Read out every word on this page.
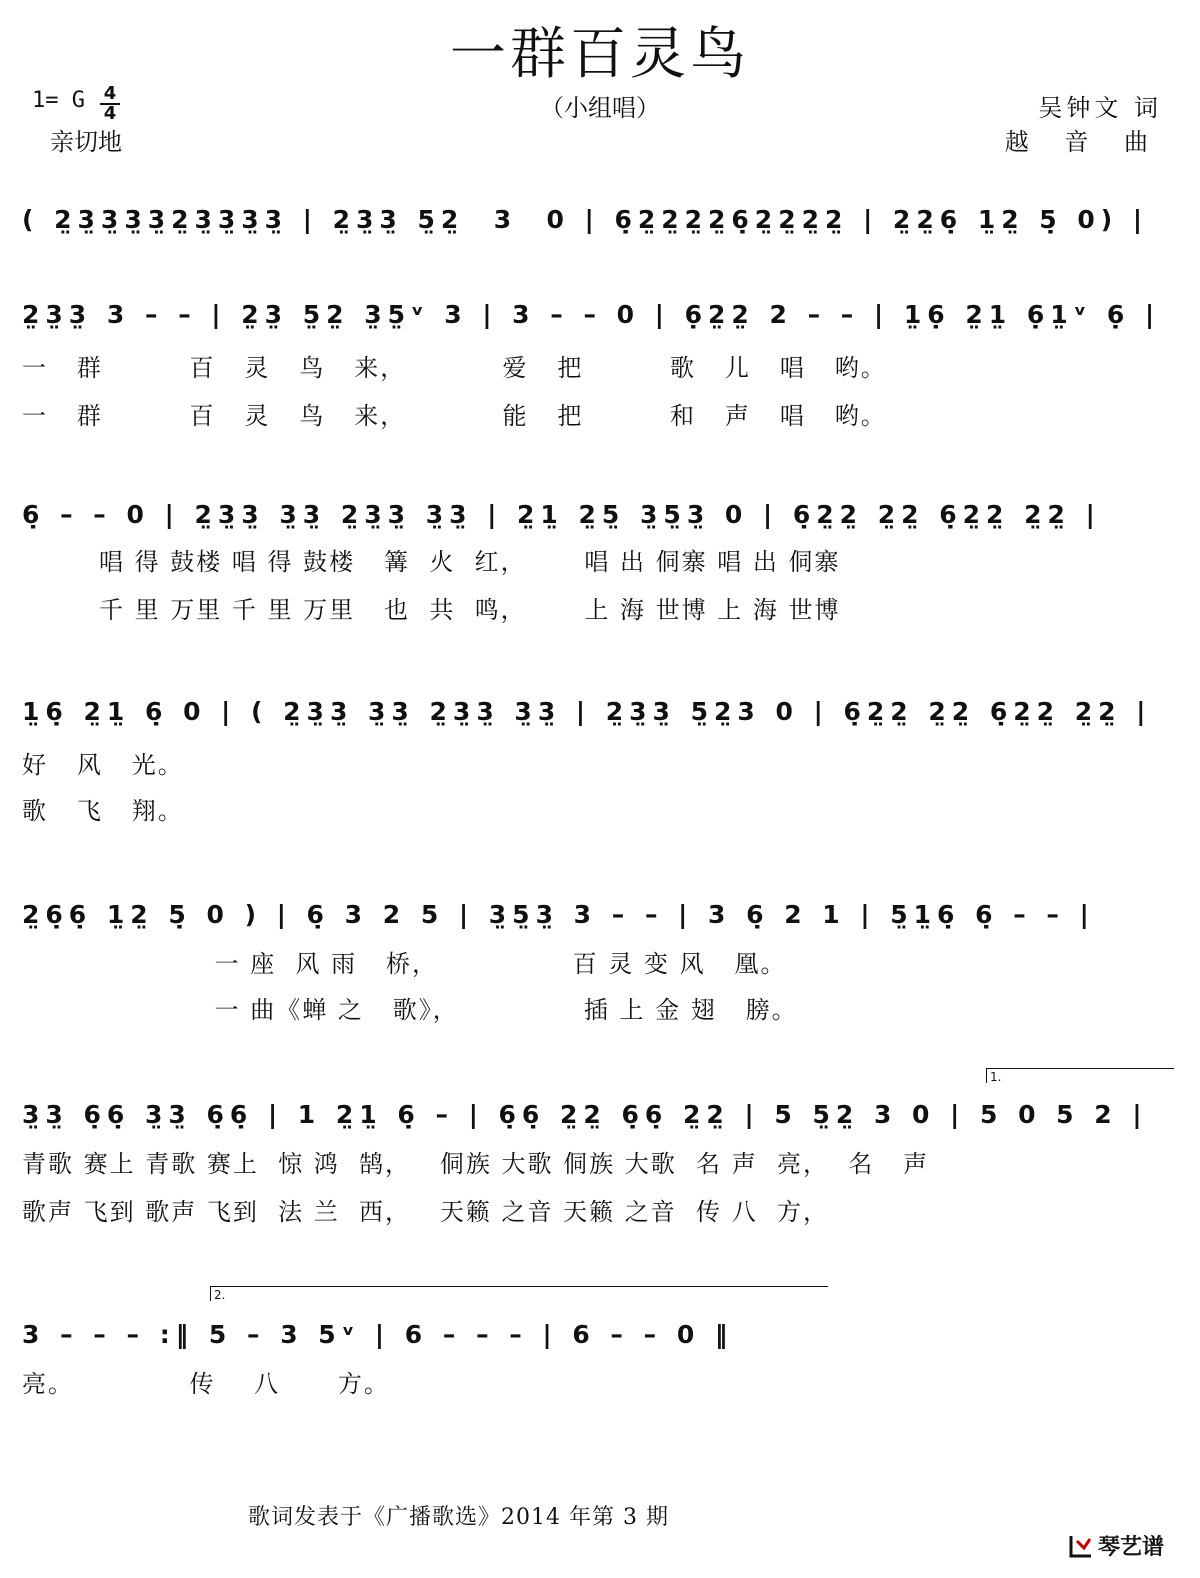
一群百灵鸟
（小组唱）
1= G 4
4
亲切地
吴钟文 词
越 音 曲
( 2̤3̤3̤3̤3̤2̤3̤3̤3̤3̤ | 2̤3̤3̤ 5̤2̤  3  0 | 6̣2̤2̤2̤2̤6̣2̤2̤2̤2̤ | 2̤2̤6̣ 1̤2̤ 5̣ 0) |
2̤3̤3̤ 3 – – | 2̤3̤ 5̤2̤ 3̤5̤ᵛ 3 | 3 – – 0 | 6̣2̤2̤ 2 – – | 1̤6̣ 2̤1̤ 6̣1̤ᵛ 6̣ |
一   群         百   灵   鸟   来，          爱   把         歌   儿   唱   哟。
一   群         百   灵   鸟   来，          能   把         和   声   唱   哟。
6̣ – – 0 | 2̤3̤3̤ 3̤3̤ 2̤3̤3̤ 3̤3̤ | 2̤1̤ 2̤5̤ 3̤5̤3̤ 0 | 6̣2̤2̤ 2̤2̤ 6̣2̤2̤ 2̤2̤ |
唱 得 鼓楼 唱 得 鼓楼   篝  火  红，      唱 出 侗寨 唱 出 侗寨
千 里 万里 千 里 万里   也  共  鸣，      上 海 世博 上 海 世博
1̤6̣ 2̤1̤ 6̣ 0 | ( 2̤3̤3̤ 3̤3̤ 2̤3̤3̤ 3̤3̤ | 2̤3̤3̤ 5̤2̤3 0 | 6̣2̤2̤ 2̤2̤ 6̣2̤2̤ 2̤2̤ |
好   风   光。
歌   飞   翔。
2̤6̣6̣ 1̤2̤ 5̣ 0 ) | 6̣ 3 2 5 | 3̤5̤3̤ 3 – – | 3 6̣ 2 1 | 5̤1̤6̣ 6̣ – – |
一 座  风 雨   桥，              百 灵 变 风   凰。
一 曲《蝉 之   歌》，             插 上 金 翅   膀。
1.
3̤3̤ 6̣6̣ 3̤3̤ 6̣6̣ | 1 2̤1̤ 6̣ – | 6̣6̣ 2̤2̤ 6̣6̣ 2̤2̤ | 5 5̤2̤ 3 0 | 5 0 5 2 |
青歌 赛上 青歌 赛上  惊 鸿  鹄，   侗族 大歌 侗族 大歌  名 声  亮，  名   声
歌声 飞到 歌声 飞到  法 兰  西，   天籁 之音 天籁 之音  传 八  方，
2.
3 – – – :‖ 5 – 3 5ᵛ | 6 – – – | 6 – – 0 ‖
亮。            传    八      方。
歌词发表于《广播歌选》2014 年第 3 期
琴艺谱
